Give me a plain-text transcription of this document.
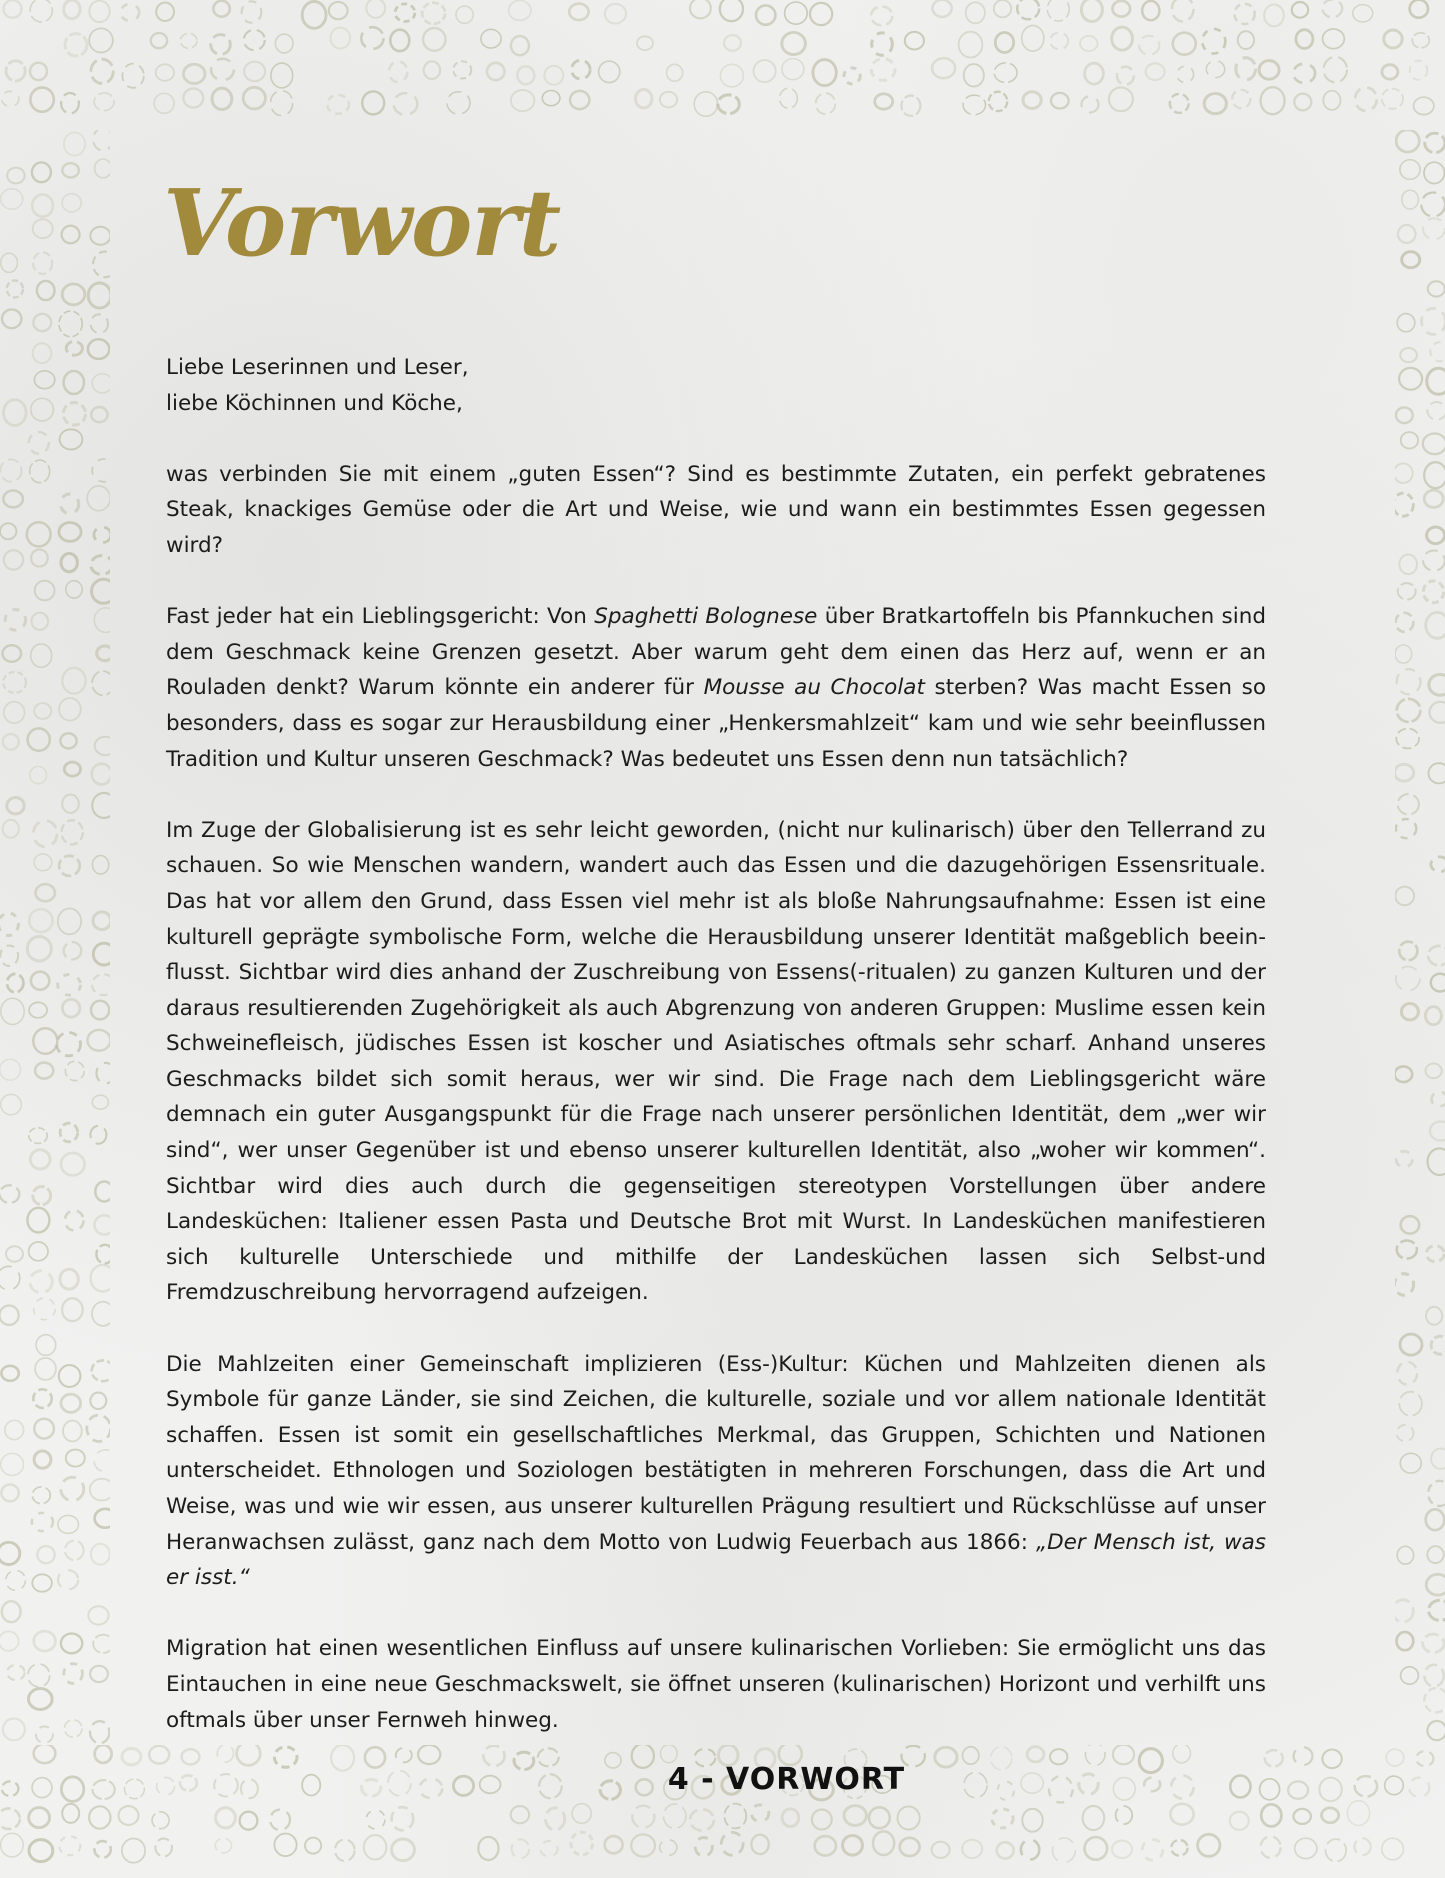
Vorwort

Liebe Leserinnen und Leser,
liebe Köchinnen und Köche,

was verbinden Sie mit einem „guten Essen“? Sind es bestimmte Zutaten, ein perfekt gebratenes Steak, knackiges Gemüse oder die Art und Weise, wie und wann ein bestimmtes Essen gegessen wird?

Fast jeder hat ein Lieblingsgericht: Von Spaghetti Bolognese über Bratkartoffeln bis Pfannkuchen sind dem Geschmack keine Grenzen gesetzt. Aber warum geht dem einen das Herz auf, wenn er an Rouladen denkt? Warum könnte ein anderer für Mousse au Chocolat sterben? Was macht Essen so besonders, dass es sogar zur Herausbildung einer „Henkersmahlzeit“ kam und wie sehr beeinflussen Tradition und Kultur unseren Geschmack? Was bedeutet uns Essen denn nun tatsächlich?

Im Zuge der Globalisierung ist es sehr leicht geworden, (nicht nur kulinarisch) über den Tellerrand zu schauen. So wie Menschen wandern, wandert auch das Essen und die dazugehörigen Essensrituale. Das hat vor allem den Grund, dass Essen viel mehr ist als bloße Nahrungsaufnahme: Essen ist eine kulturell geprägte symbolische Form, welche die Herausbildung unserer Identität maßgeblich beeinflusst. Sichtbar wird dies anhand der Zuschreibung von Essens(-ritualen) zu ganzen Kulturen und der daraus resultierenden Zugehörigkeit als auch Abgrenzung von anderen Gruppen: Muslime essen kein Schweinefleisch, jüdisches Essen ist koscher und Asiatisches oftmals sehr scharf. Anhand unseres Geschmacks bildet sich somit heraus, wer wir sind. Die Frage nach dem Lieblingsgericht wäre demnach ein guter Ausgangspunkt für die Frage nach unserer persönlichen Identität, dem „wer wir sind“, wer unser Gegenüber ist und ebenso unserer kulturellen Identität, also „woher wir kommen“. Sichtbar wird dies auch durch die gegenseitigen stereotypen Vorstellungen über andere Landesküchen: Italiener essen Pasta und Deutsche Brot mit Wurst. In Landesküchen manifestieren sich kulturelle Unterschiede und mithilfe der Landesküchen lassen sich Selbst-und Fremdzuschreibung hervorragend aufzeigen.

Die Mahlzeiten einer Gemeinschaft implizieren (Ess-)Kultur: Küchen und Mahlzeiten dienen als Symbole für ganze Länder, sie sind Zeichen, die kulturelle, soziale und vor allem nationale Identität schaffen. Essen ist somit ein gesellschaftliches Merkmal, das Gruppen, Schichten und Nationen unterscheidet. Ethnologen und Soziologen bestätigten in mehreren Forschungen, dass die Art und Weise, was und wie wir essen, aus unserer kulturellen Prägung resultiert und Rückschlüsse auf unser Heranwachsen zulässt, ganz nach dem Motto von Ludwig Feuerbach aus 1866: „Der Mensch ist, was er isst.“

Migration hat einen wesentlichen Einfluss auf unsere kulinarischen Vorlieben: Sie ermöglicht uns das Eintauchen in eine neue Geschmackswelt, sie öffnet unseren (kulinarischen) Horizont und verhilft uns oftmals über unser Fernweh hinweg.

4 - VORWORT
